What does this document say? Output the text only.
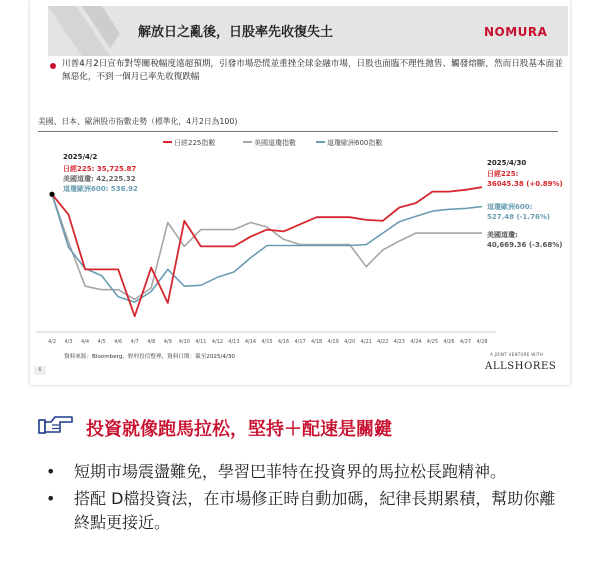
解放日之亂後，日股率先收復失土	NOMURA
川普4月2日宣布對等關稅幅度遠超預期，引發市場恐慌並重挫全球金融市場，日股也面臨不理性拋售、觸發熔斷，然而日股基本面並無惡化，不到一個月已率先收復跌幅
美國、日本、歐洲股市指數走勢（標準化，4月2日為100)
4/2 4/3 4/4 4/5 4/6 4/7 4/8 4/9 4/10 4/11 4/12 4/13 4/14 4/15 4/16 4/17 4/18 4/19 4/20 4/21 4/22 4/23 4/24 4/25 4/26 4/27 4/28
日經225指數	美國道瓊指數	道瓊歐洲600指數
2025/4/2
日經225: 35,725.87
美國道瓊: 42,225.32
道瓊歐洲600: 536.92
2025/4/30
日經225:
36045.38 (+0.89%)
道瓊歐洲600:
527.48 (-1.76%)
美國道瓊:
40,669.36 (-3.68%)
資料來源：Bloomberg，野村投信整理，資料日期：截至2025/4/30
6
A JOINT VENTURE WITH
ALLSHORES
投資就像跑馬拉松，堅持＋配速是關鍵
• 短期市場震盪難免，學習巴菲特在投資界的馬拉松長跑精神。
• 搭配 D檔投資法，在市場修正時自動加碼，紀律長期累積，幫助你離終點更接近。
